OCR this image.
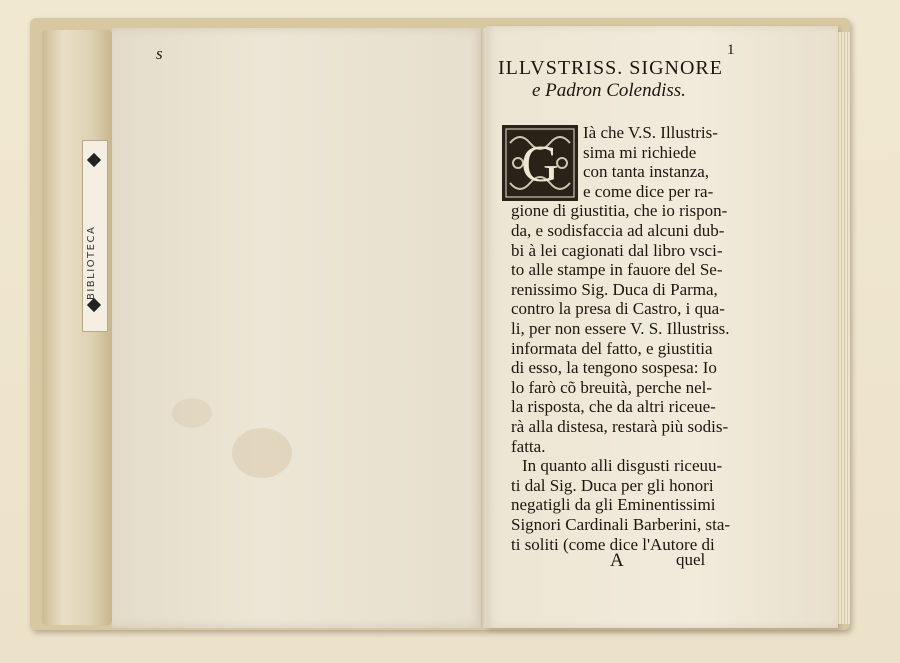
BIBLIOTECA
s	1
ILLVSTRISS. SIGNORE
e Padron Colendiss.
G
Ià che V.S. Illustris-
sima mi richiede
con tanta instanza,
e come dice per ra-
gione di giustitia, che io rispon-
da, e sodisfaccia ad alcuni dub-
bi à lei cagionati dal libro vsci-
to alle stampe in fauore del Se-
renissimo Sig. Duca di Parma,
contro la presa di Castro, i qua-
li, per non essere V. S. Illustriss.
informata del fatto, e giustitia
di esso, la tengono sospesa: Io
lo farò cõ breuità, perche nel-
la risposta, che da altri riceue-
rà alla distesa, restarà più sodis-
fatta.
In quanto alli disgusti riceuu-
ti dal Sig. Duca per gli honori
negatigli da gli Eminentissimi
Signori Cardinali Barberini, sta-
ti soliti (come dice l'Autore di
A	quel
